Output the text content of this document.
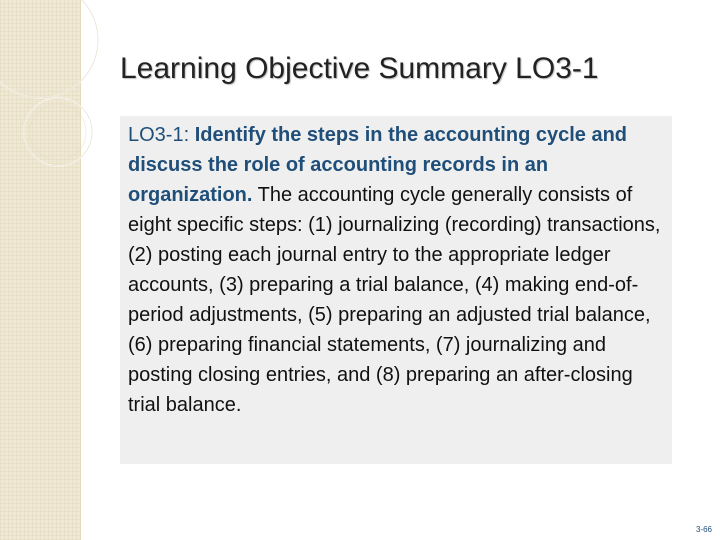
Learning Objective Summary LO3-1

LO3-1: Identify the steps in the accounting cycle and discuss the role of accounting records in an organization. The accounting cycle generally consists of eight specific steps: (1) journalizing (recording) transactions, (2) posting each journal entry to the appropriate ledger accounts, (3) preparing a trial balance, (4) making end-of-period adjustments, (5) preparing an adjusted trial balance, (6) preparing financial statements, (7) journalizing and posting closing entries, and (8) preparing an after-closing trial balance.

3-66
